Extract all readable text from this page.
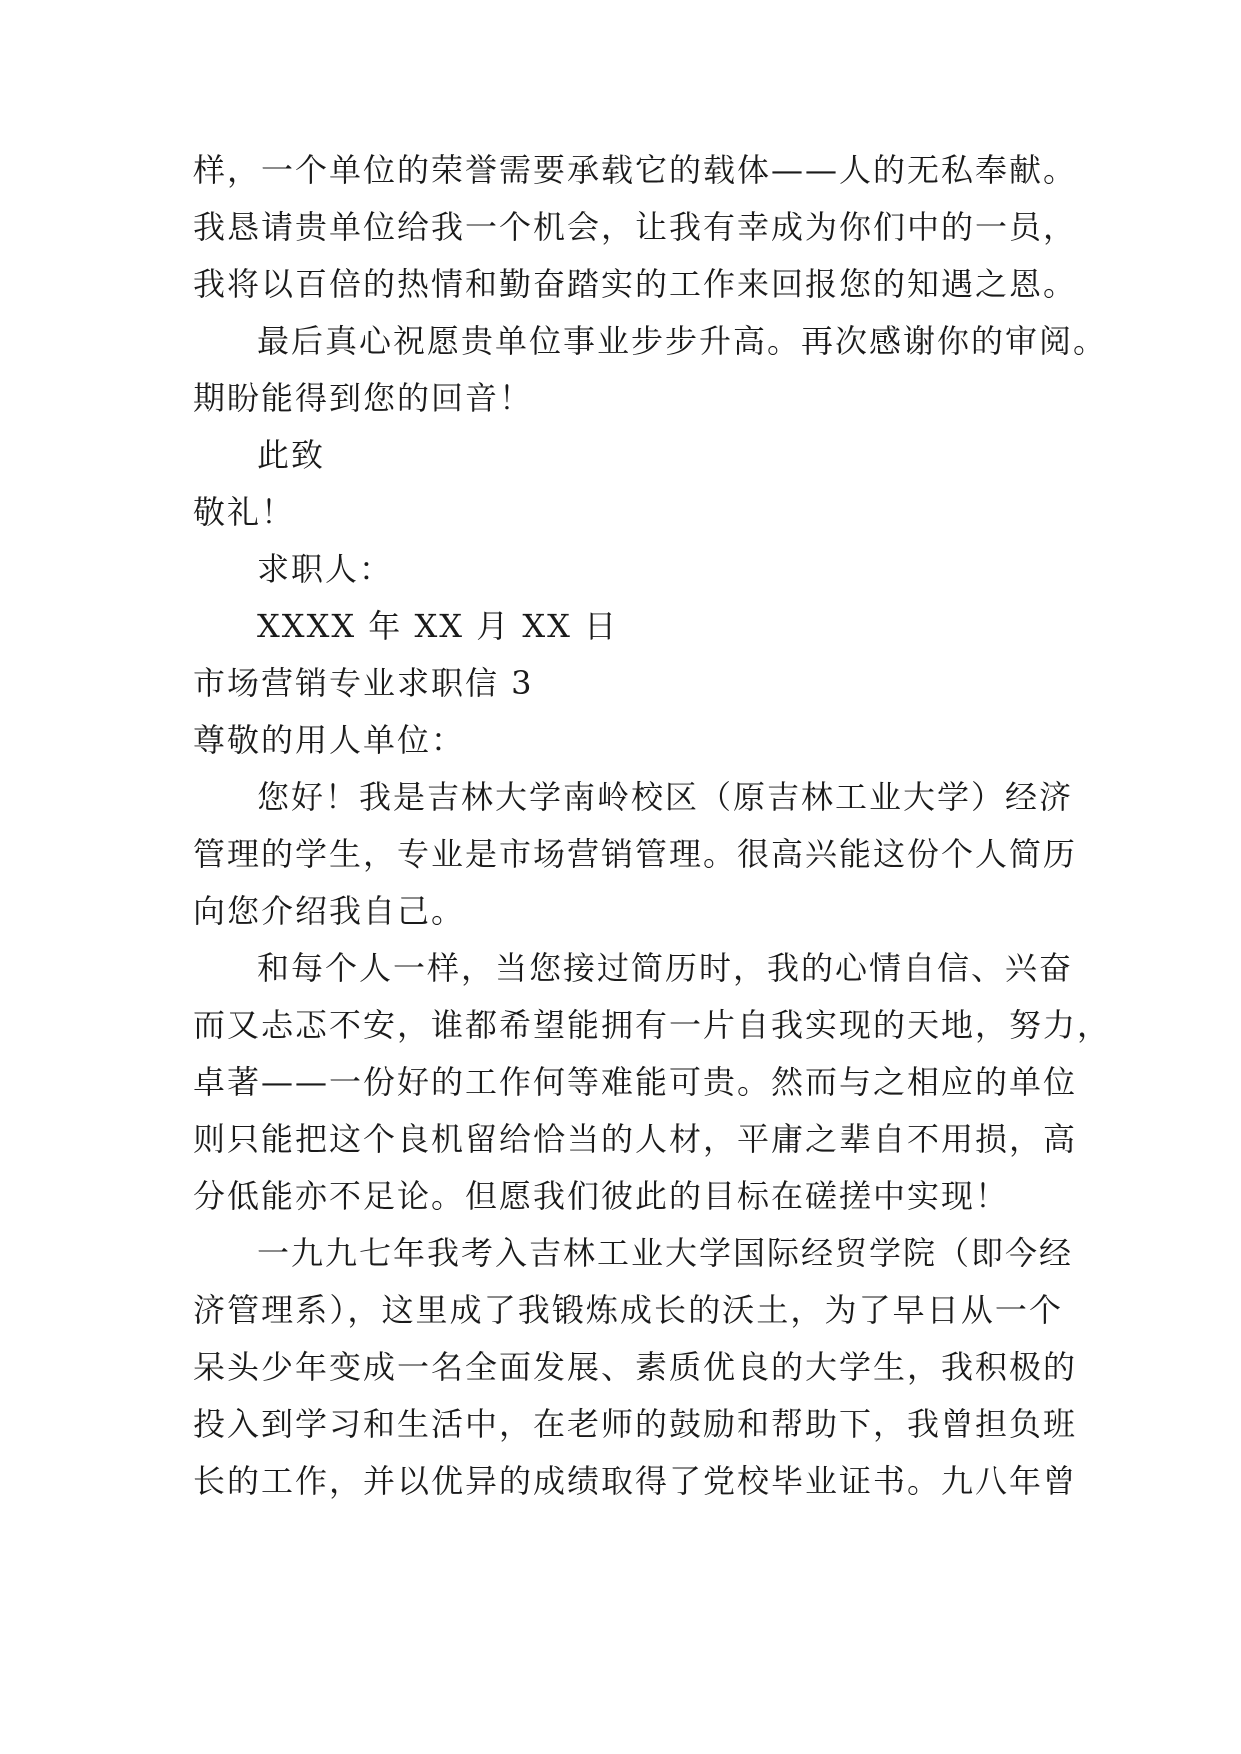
样，一个单位的荣誉需要承载它的载体——人的无私奉献。
我恳请贵单位给我一个机会，让我有幸成为你们中的一员，
我将以百倍的热情和勤奋踏实的工作来回报您的知遇之恩。
最后真心祝愿贵单位事业步步升高。再次感谢你的审阅。
期盼能得到您的回音！
此致
敬礼！
求职人：
XXXX 年 XX 月 XX 日
市场营销专业求职信 3
尊敬的用人单位：
您好！我是吉林大学南岭校区（原吉林工业大学）经济
管理的学生，专业是市场营销管理。很高兴能这份个人简历
向您介绍我自己。
和每个人一样，当您接过简历时，我的心情自信、兴奋
而又忐忑不安，谁都希望能拥有一片自我实现的天地，努力，
卓著——一份好的工作何等难能可贵。然而与之相应的单位
则只能把这个良机留给恰当的人材，平庸之辈自不用损，高
分低能亦不足论。但愿我们彼此的目标在磋搓中实现！
一九九七年我考入吉林工业大学国际经贸学院（即今经
济管理系），这里成了我锻炼成长的沃土，为了早日从一个
呆头少年变成一名全面发展、素质优良的大学生，我积极的
投入到学习和生活中，在老师的鼓励和帮助下，我曾担负班
长的工作，并以优异的成绩取得了党校毕业证书。九八年曾
